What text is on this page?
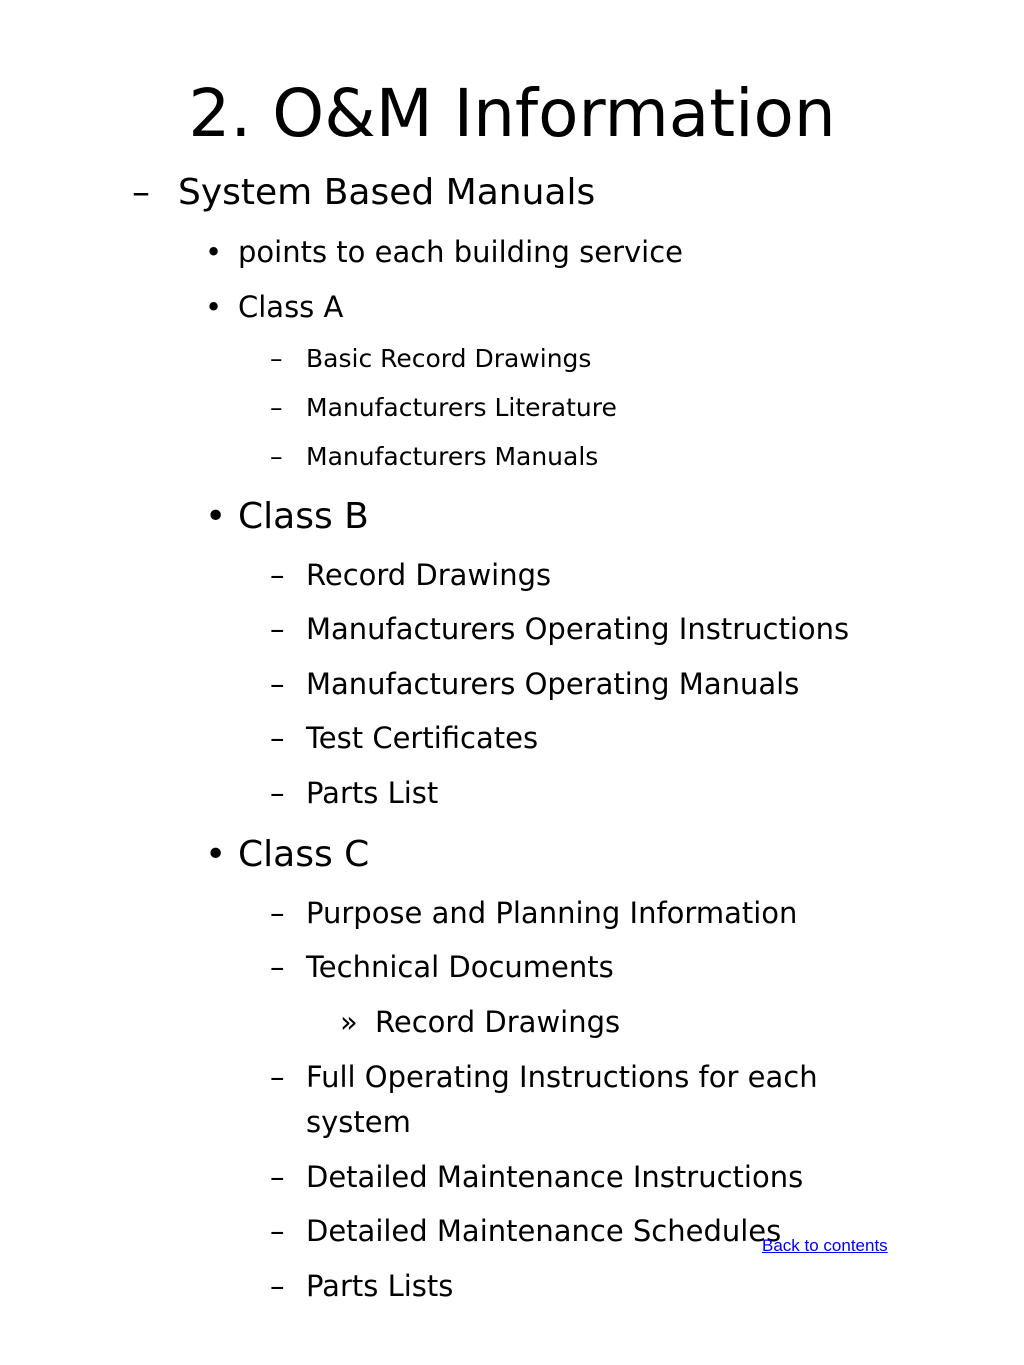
2. O&M Information
– System Based Manuals
• points to each building service
• Class A
– Basic Record Drawings
– Manufacturers Literature
– Manufacturers Manuals
• Class B
– Record Drawings
– Manufacturers Operating Instructions
– Manufacturers Operating Manuals
– Test Certificates
– Parts List
• Class C
– Purpose and Planning Information
– Technical Documents
» Record Drawings
– Full Operating Instructions for each
system
– Detailed Maintenance Instructions
– Detailed Maintenance Schedules
– Parts Lists
Back to contents
